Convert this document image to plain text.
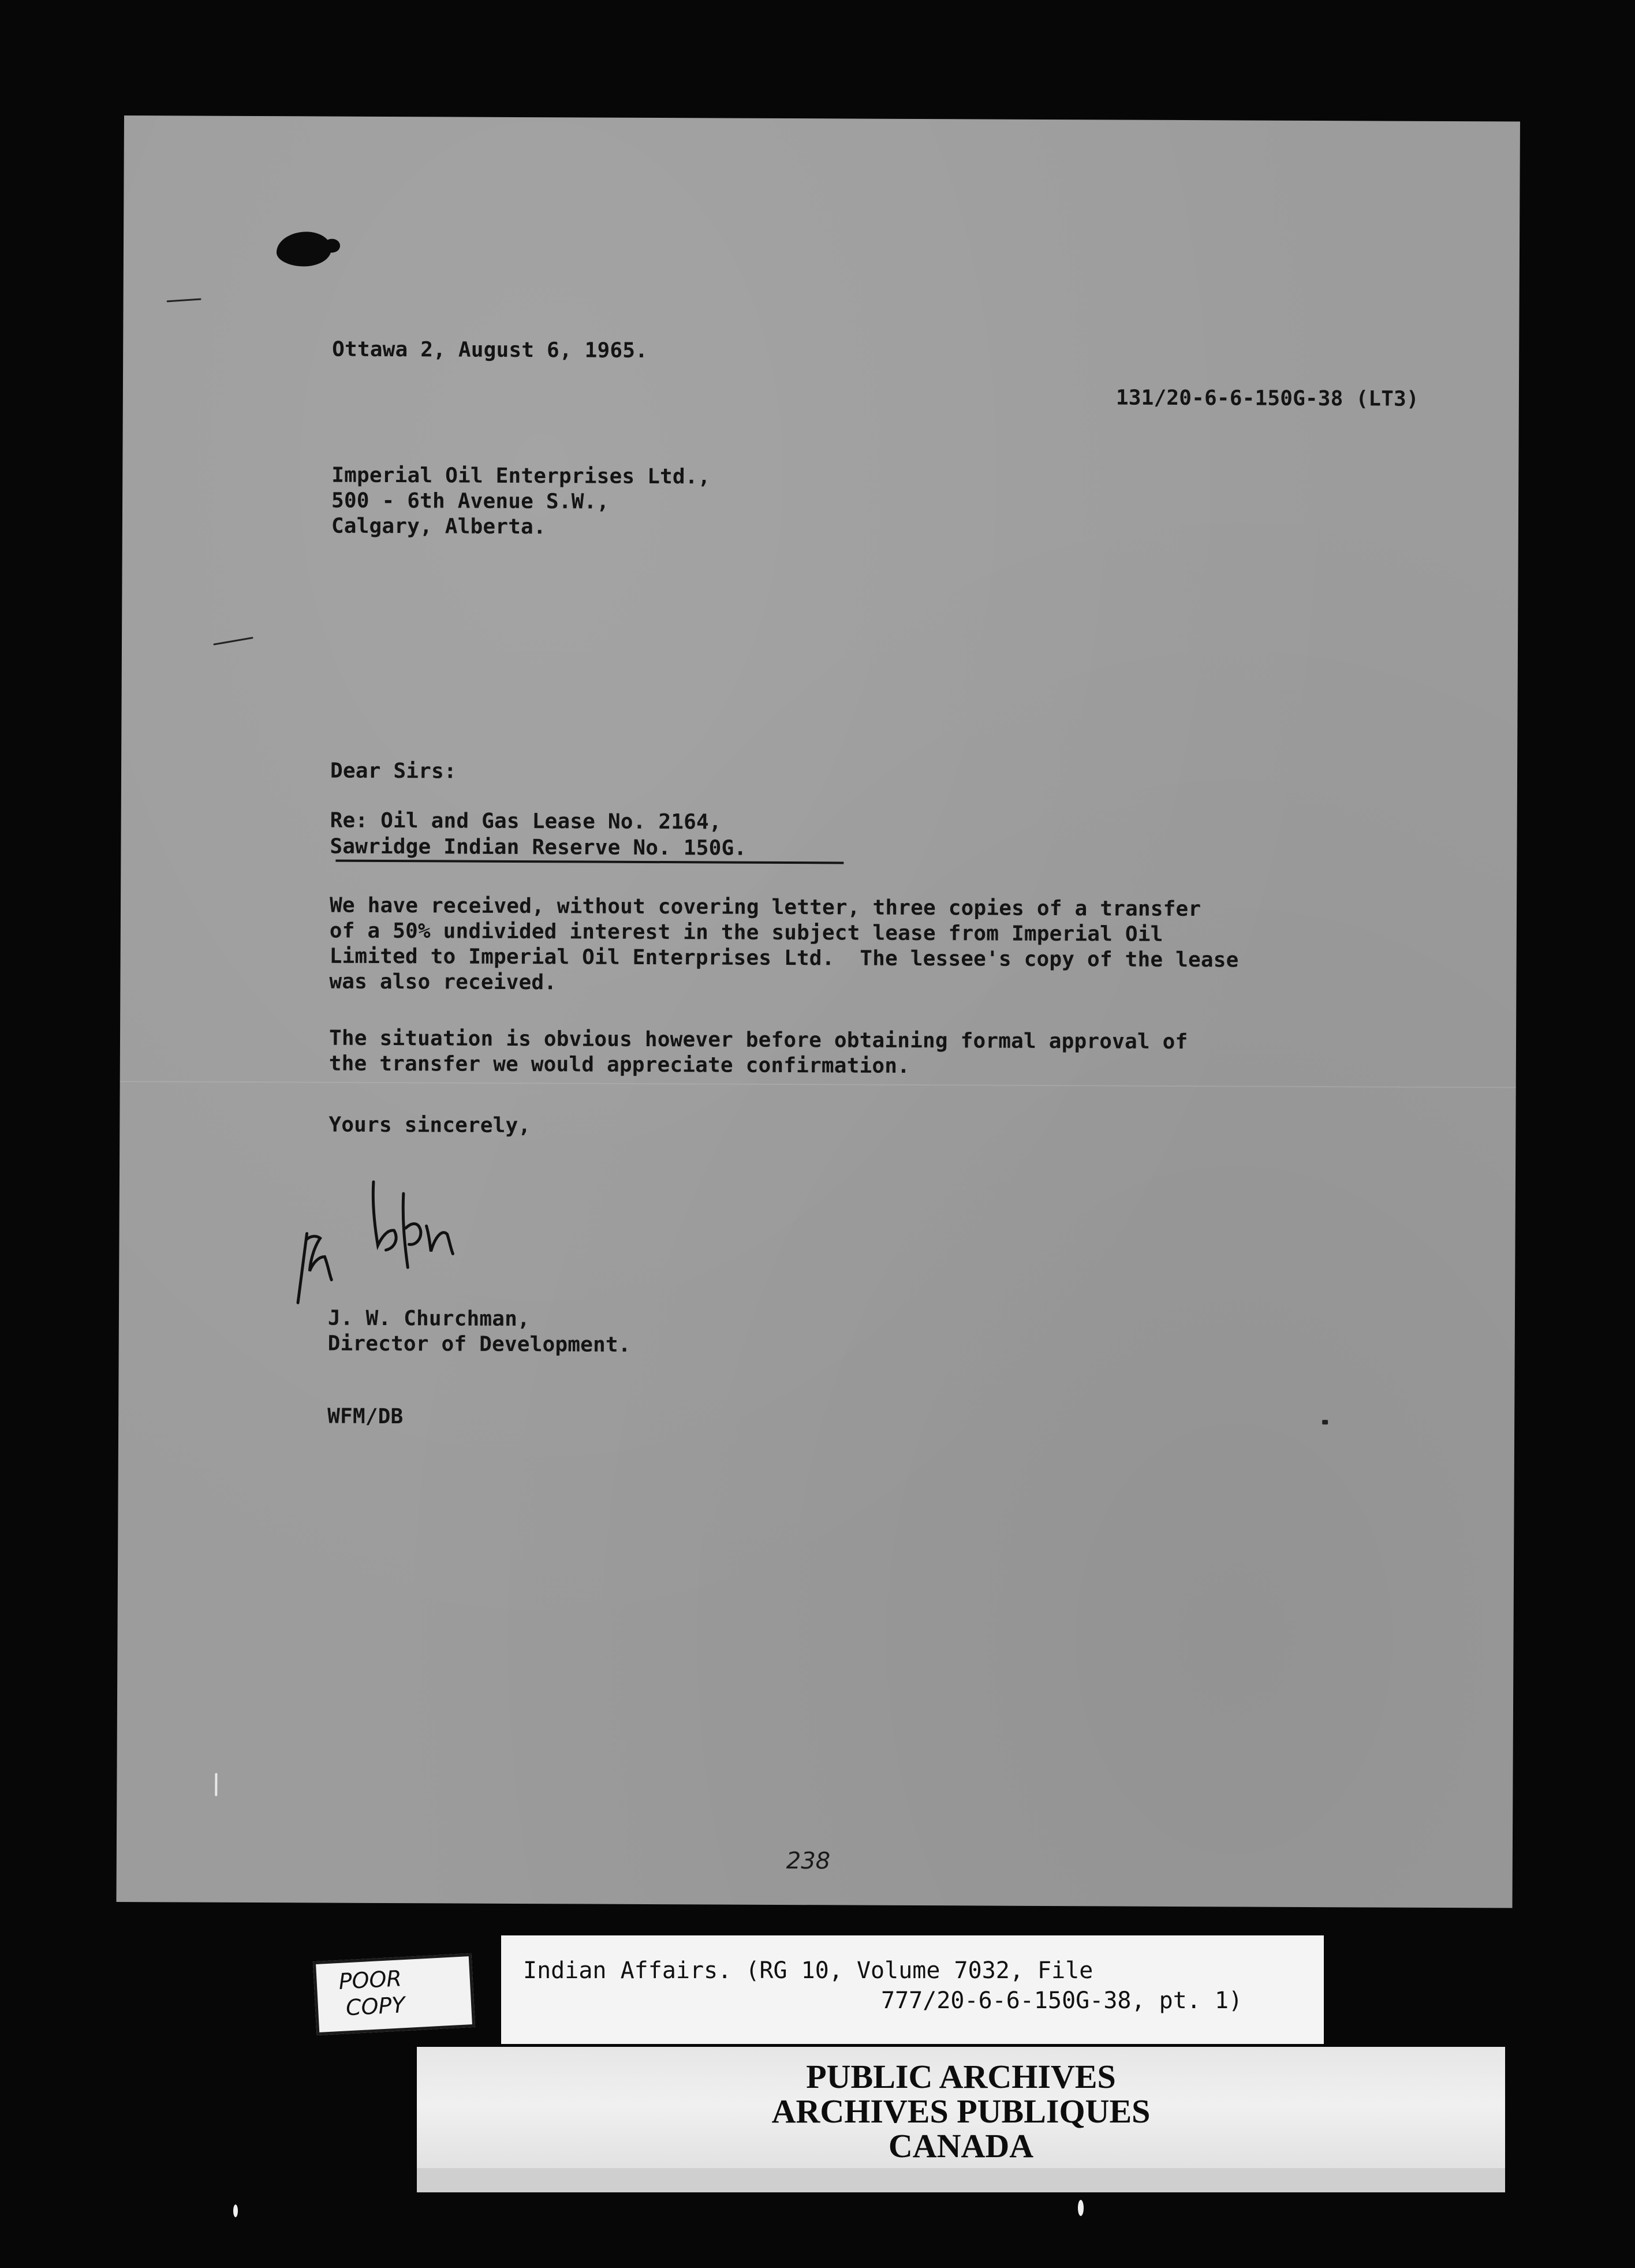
Ottawa 2, August 6, 1965.
131/20-6-6-150G-38 (LT3)
Imperial Oil Enterprises Ltd.,
500 - 6th Avenue S.W.,
Calgary, Alberta.
Dear Sirs:
Re: Oil and Gas Lease No. 2164,
Sawridge Indian Reserve No. 150G.
We have received, without covering letter, three copies of a transfer
of a 50% undivided interest in the subject lease from Imperial Oil
Limited to Imperial Oil Enterprises Ltd.  The lessee's copy of the lease
was also received.
The situation is obvious however before obtaining formal approval of
the transfer we would appreciate confirmation.
Yours sincerely,
J. W. Churchman,
Director of Development.
WFM/DB
238
POOR
COPY
Indian Affairs. (RG 10, Volume 7032, File
777/20-6-6-150G-38, pt. 1)
PUBLIC ARCHIVES
ARCHIVES PUBLIQUES
CANADA
